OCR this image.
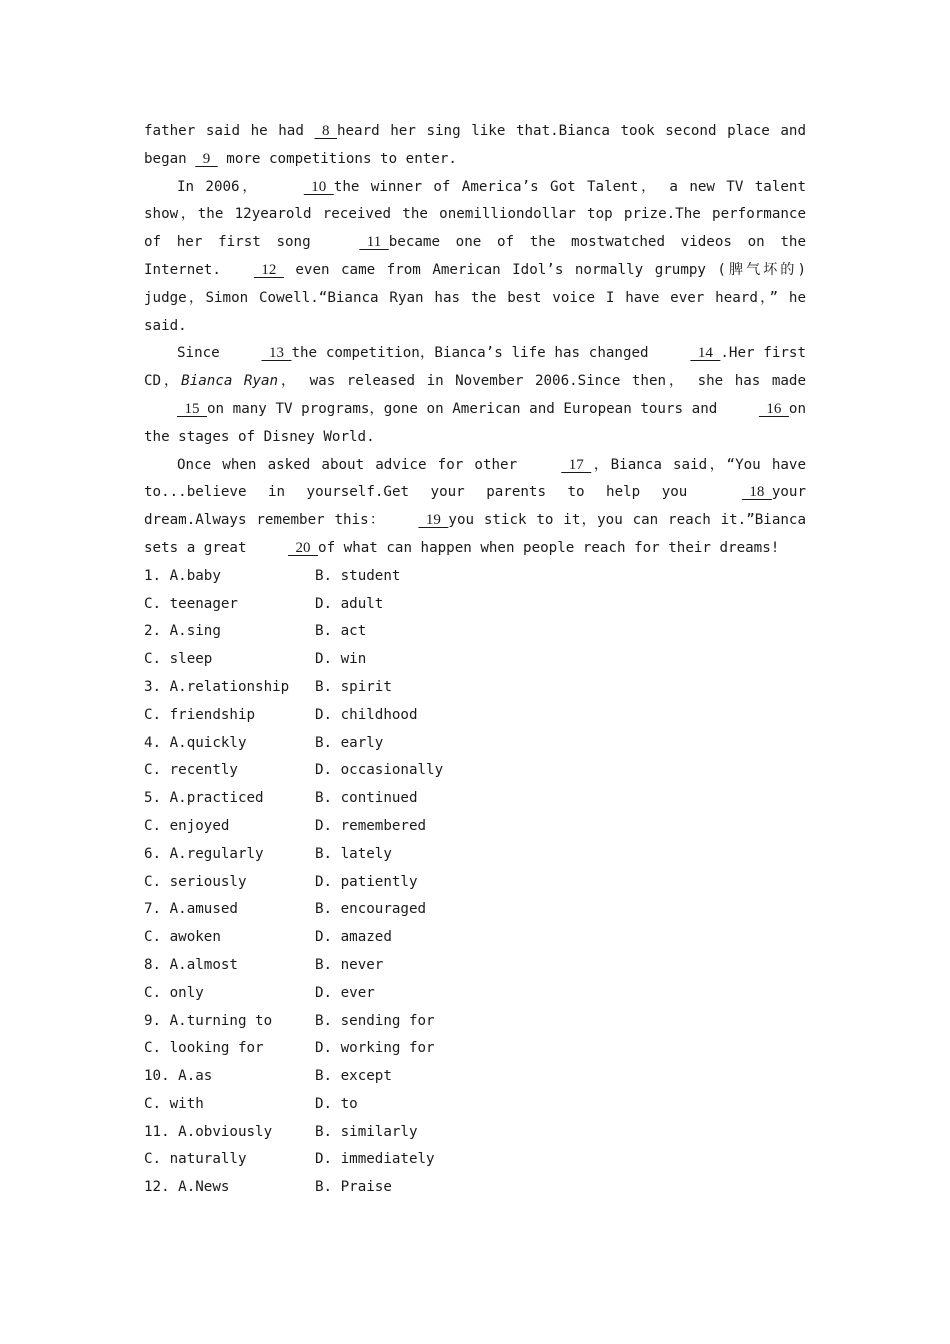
father said he had   8  heard her sing like that.Bianca took second place and began   9   more competitions to enter.

In 2006，   10  the winner of America’s Got Talent， a new TV talent show，the 12yearold received the onemilliondollar top prize.The performance of her first song   11  became one of the mostwatched videos on the Internet.  12   even came from American Idol’s normally grumpy (脾气坏的) judge，Simon Cowell.“Bianca Ryan has the best voice I have ever heard，” he said.

Since   13  the competition，Bianca’s life has changed   14  .Her first CD，Bianca Ryan， was released in November 2006.Since then， she has made   15  on many TV programs，gone on American and European tours and   16  on the stages of Disney World.

Once when asked about advice for other   17  ，Bianca said，“You have to...believe in yourself.Get your parents to help you   18  your dream.Always remember this：  19  you stick to it，you can reach it.”Bianca sets a great   20  of what can happen when people reach for their dreams!

1. A.baby	B. student
C. teenager	D. adult
2. A.sing	B. act
C. sleep	D. win
3. A.relationship	B. spirit
C. friendship	D. childhood
4. A.quickly	B. early
C. recently	D. occasionally
5. A.practiced	B. continued
C. enjoyed	D. remembered
6. A.regularly	B. lately
C. seriously	D. patiently
7. A.amused	B. encouraged
C. awoken	D. amazed
8. A.almost	B. never
C. only	D. ever
9. A.turning to	B. sending for
C. looking for	D. working for
10. A.as	B. except
C. with	D. to
11. A.obviously	B. similarly
C. naturally	D. immediately
12. A.News	B. Praise
